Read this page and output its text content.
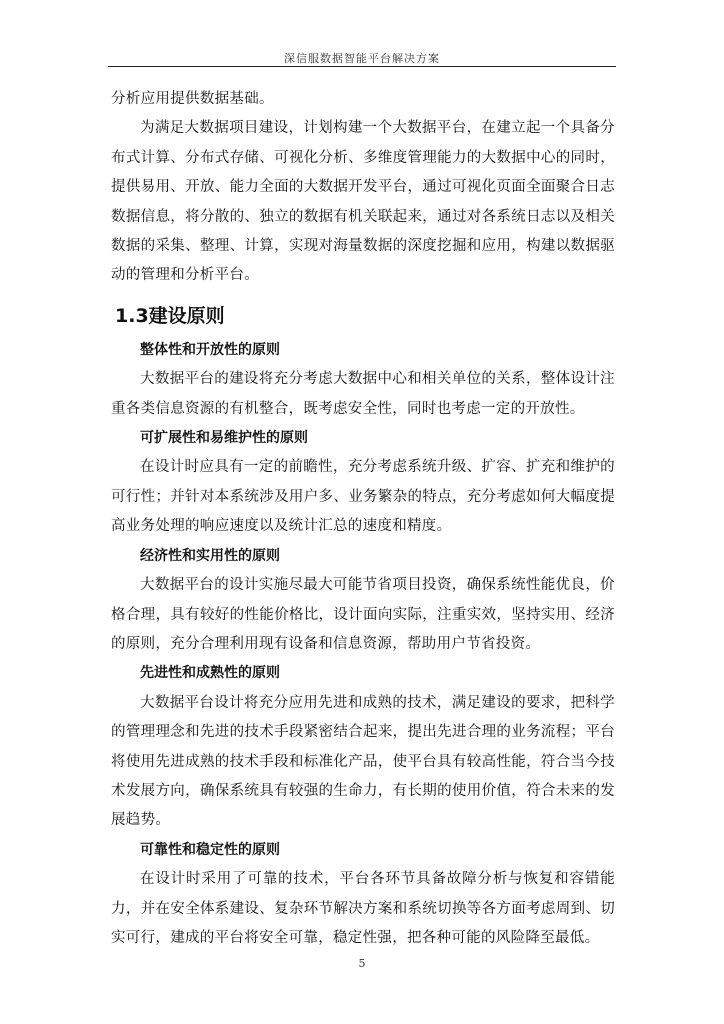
深信服数据智能平台解决方案

分析应用提供数据基础。

为满足大数据项目建设，计划构建一个大数据平台，在建立起一个具备分布式计算、分布式存储、可视化分析、多维度管理能力的大数据中心的同时，提供易用、开放、能力全面的大数据开发平台，通过可视化页面全面聚合日志数据信息，将分散的、独立的数据有机关联起来，通过对各系统日志以及相关数据的采集、整理、计算，实现对海量数据的深度挖掘和应用，构建以数据驱动的管理和分析平台。

1.3建设原则
整体性和开放性的原则

大数据平台的建设将充分考虑大数据中心和相关单位的关系，整体设计注重各类信息资源的有机整合，既考虑安全性，同时也考虑一定的开放性。

可扩展性和易维护性的原则

在设计时应具有一定的前瞻性，充分考虑系统升级、扩容、扩充和维护的可行性；并针对本系统涉及用户多、业务繁杂的特点，充分考虑如何大幅度提高业务处理的响应速度以及统计汇总的速度和精度。

经济性和实用性的原则

大数据平台的设计实施尽最大可能节省项目投资，确保系统性能优良，价格合理，具有较好的性能价格比，设计面向实际，注重实效，坚持实用、经济的原则，充分合理利用现有设备和信息资源，帮助用户节省投资。

先进性和成熟性的原则

大数据平台设计将充分应用先进和成熟的技术，满足建设的要求，把科学的管理理念和先进的技术手段紧密结合起来，提出先进合理的业务流程；平台将使用先进成熟的技术手段和标准化产品，使平台具有较高性能，符合当今技术发展方向，确保系统具有较强的生命力，有长期的使用价值，符合未来的发展趋势。

可靠性和稳定性的原则

在设计时采用了可靠的技术，平台各环节具备故障分析与恢复和容错能力，并在安全体系建设、复杂环节解决方案和系统切换等各方面考虑周到、切实可行，建成的平台将安全可靠，稳定性强，把各种可能的风险降至最低。

5
